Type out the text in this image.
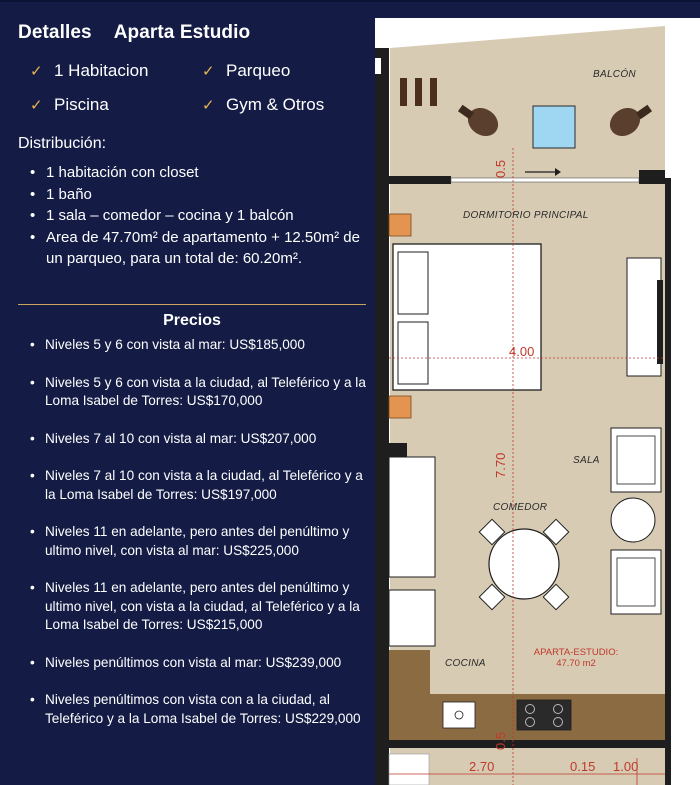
Detalles Aparta Estudio
✓ 1 Habitacion	✓ Parqueo
✓ Piscina	✓ Gym & Otros
Distribución:
• 1 habitación con closet
• 1 baño
• 1 sala – comedor – cocina y 1 balcón
• Area de 47.70m² de apartamento + 12.50m² de un parqueo, para un total de: 60.20m².
Precios
• Niveles 5 y 6 con vista al mar: US$185,000
• Niveles 5 y 6 con vista a la ciudad, al Teleférico y a la Loma Isabel de Torres: US$170,000
• Niveles 7 al 10 con vista al mar: US$207,000
• Niveles 7 al 10 con vista a la ciudad, al Teleférico y a la Loma Isabel de Torres: US$197,000
• Niveles 11 en adelante, pero antes del penúltimo y ultimo nivel, con vista al mar: US$225,000
• Niveles 11 en adelante, pero antes del penúltimo y ultimo nivel, con vista a la ciudad, al Teleférico y a la Loma Isabel de Torres: US$215,000
• Niveles penúltimos con vista al mar: US$239,000
• Niveles penúltimos con vista con a la ciudad, al Teleférico y a la Loma Isabel de Torres: US$229,000
BALCÓN
DORMITORIO PRINCIPAL
SALA
COMEDOR
COCINA
APARTA-ESTUDIO:
47.70 m2
0.5
4.00
7.70
0.5
2.70	0.15 1.00
